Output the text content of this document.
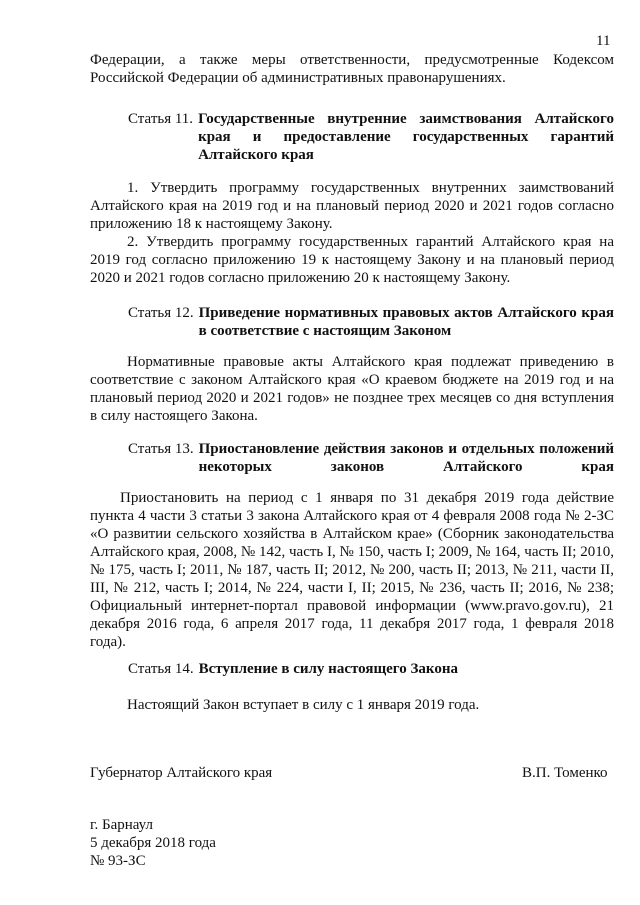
11
Федерации, а также меры ответственности, предусмотренные Кодексом Российской Федерации об административных правонарушениях.
Статья 11. Государственные внутренние заимствования Алтайского края и предоставление государственных гарантий Алтайского края
1. Утвердить программу государственных внутренних заимствований Алтайского края на 2019 год и на плановый период 2020 и 2021 годов согласно приложению 18 к настоящему Закону.
2. Утвердить программу государственных гарантий Алтайского края на 2019 год согласно приложению 19 к настоящему Закону и на плановый период 2020 и 2021 годов согласно приложению 20 к настоящему Закону.
Статья 12. Приведение нормативных правовых актов Алтайского края в соответствие с настоящим Законом
Нормативные правовые акты Алтайского края подлежат приведению в соответствие с законом Алтайского края «О краевом бюджете на 2019 год и на плановый период 2020 и 2021 годов» не позднее трех месяцев со дня вступления в силу настоящего Закона.
Статья 13. Приостановление действия законов и отдельных положений некоторых законов Алтайского края
Приостановить на период с 1 января по 31 декабря 2019 года действие пункта 4 части 3 статьи 3 закона Алтайского края от 4 февраля 2008 года № 2-ЗС «О развитии сельского хозяйства в Алтайском крае» (Сборник законодательства Алтайского края, 2008, № 142, часть I, № 150, часть I; 2009, № 164, часть II; 2010, № 175, часть I; 2011, № 187, часть II; 2012, № 200, часть II; 2013, № 211, части II, III, № 212, часть I; 2014, № 224, части I, II; 2015, № 236, часть II; 2016, № 238; Официальный интернет-портал правовой информации (www.pravo.gov.ru), 21 декабря 2016 года, 6 апреля 2017 года, 11 декабря 2017 года, 1 февраля 2018 года).
Статья 14. Вступление в силу настоящего Закона
Настоящий Закон вступает в силу с 1 января 2019 года.
Губернатор Алтайского края	В.П. Томенко
г. Барнаул
5 декабря 2018 года
№ 93-ЗС
